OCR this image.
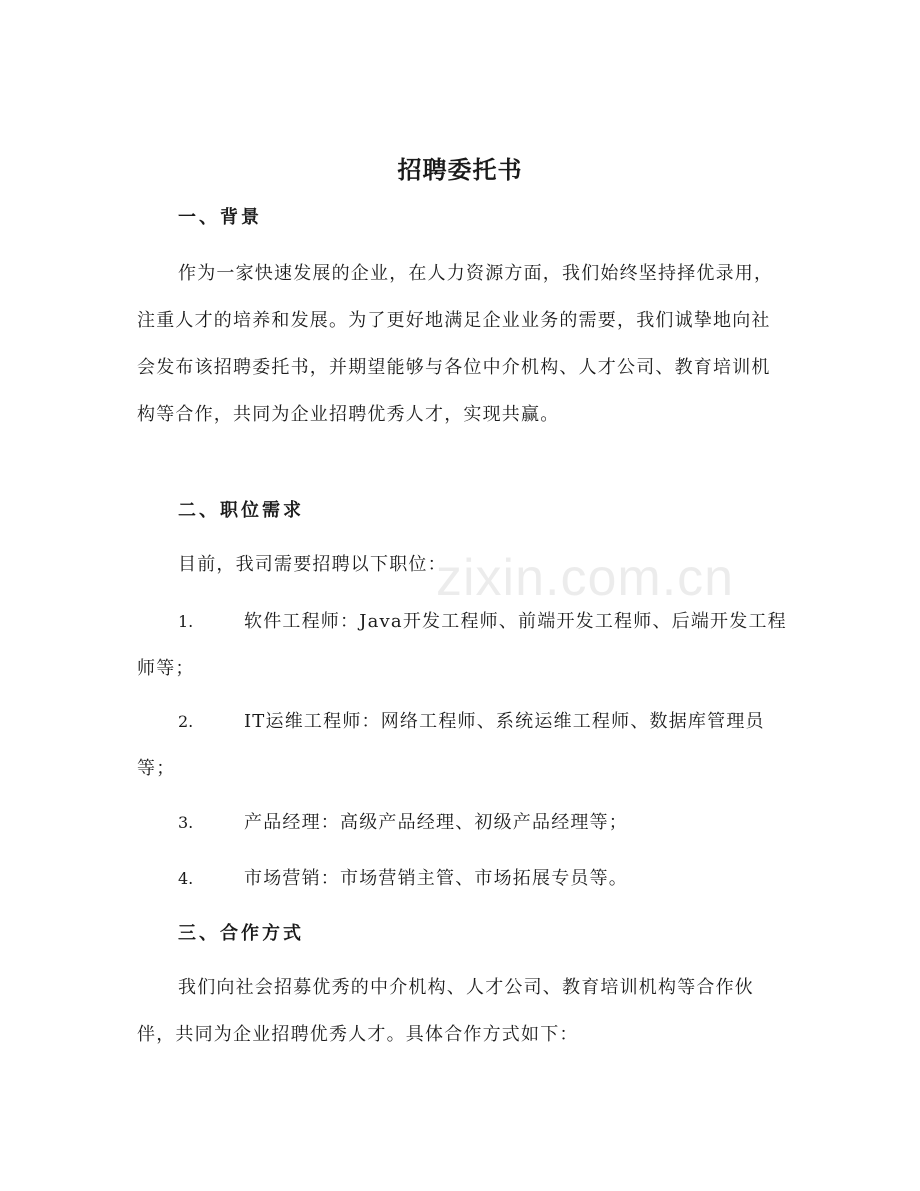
zixin.com.cn
招聘委托书
一、背景

作为一家快速发展的企业，在人力资源方面，我们始终坚持择优录用，注重人才的培养和发展。为了更好地满足企业业务的需要，我们诚挚地向社会发布该招聘委托书，并期望能够与各位中介机构、人才公司、教育培训机构等合作，共同为企业招聘优秀人才，实现共赢。

二、职位需求
目前，我司需要招聘以下职位：
1.	软件工程师：Java开发工程师、前端开发工程师、后端开发工程师等；
2.	IT运维工程师：网络工程师、系统运维工程师、数据库管理员等；
3.	产品经理：高级产品经理、初级产品经理等；
4.	市场营销：市场营销主管、市场拓展专员等。
三、合作方式

我们向社会招募优秀的中介机构、人才公司、教育培训机构等合作伙伴，共同为企业招聘优秀人才。具体合作方式如下：
